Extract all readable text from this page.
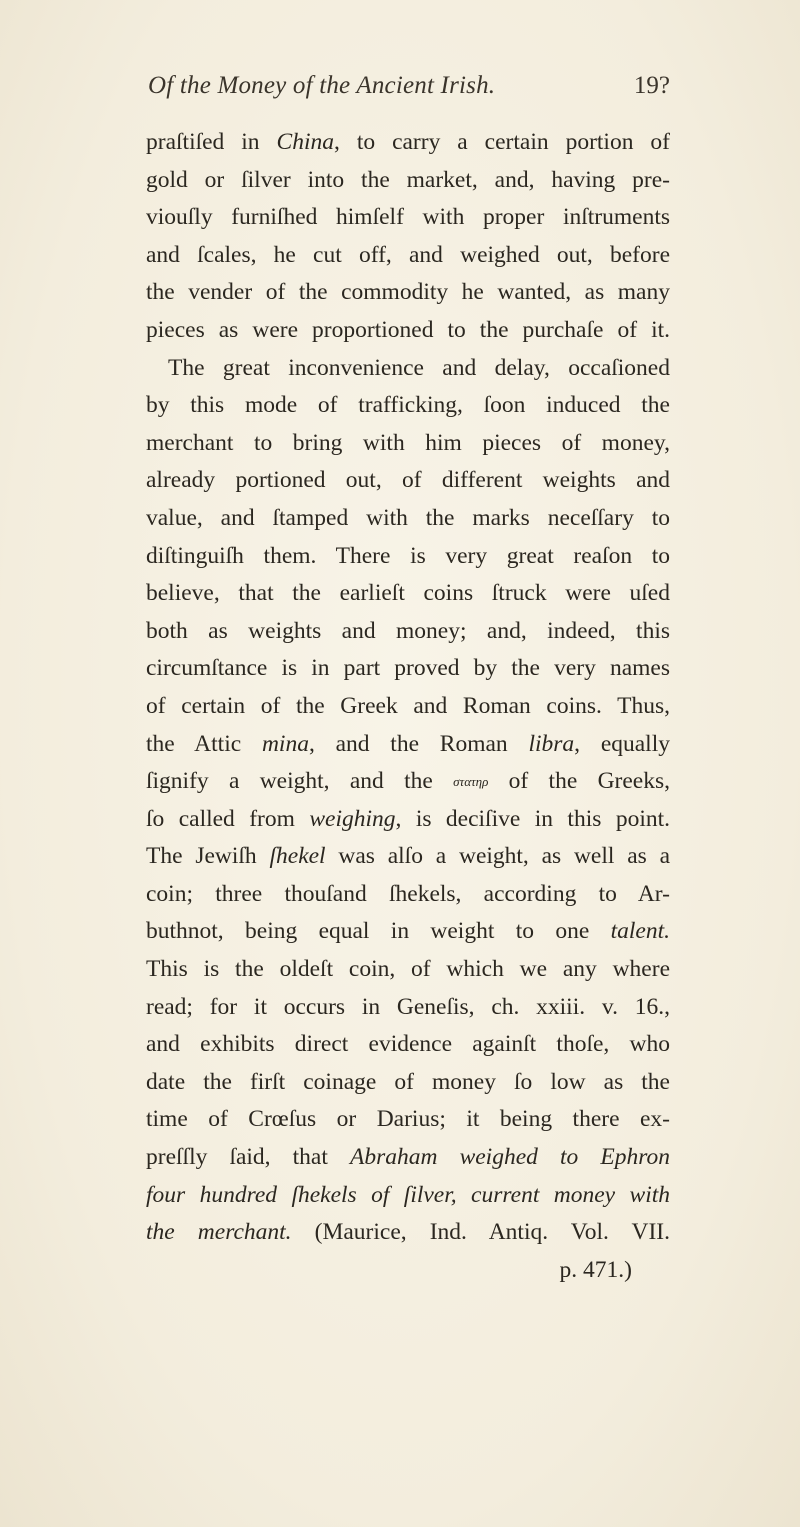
Of the Money of the Ancient Irish.	19?
praſtiſed in China, to carry a certain portion of
gold or ſilver into the market, and, having pre-
viouſly furniſhed himſelf with proper inſtruments
and ſcales, he cut off, and weighed out, before
the vender of the commodity he wanted, as many
pieces as were proportioned to the purchaſe of it.
The great inconvenience and delay, occaſioned
by this mode of trafficking, ſoon induced the
merchant to bring with him pieces of money,
already portioned out, of different weights and
value, and ſtamped with the marks neceſſary to
diſtinguiſh them. There is very great reaſon to
believe, that the earlieſt coins ſtruck were uſed
both as weights and money; and, indeed, this
circumſtance is in part proved by the very names
of certain of the Greek and Roman coins. Thus,
the Attic mina, and the Roman libra, equally
ſignify a weight, and the στατηρ of the Greeks,
ſo called from weighing, is deciſive in this point.
The Jewiſh ſhekel was alſo a weight, as well as a
coin; three thouſand ſhekels, according to Ar-
buthnot, being equal in weight to one talent.
This is the oldeſt coin, of which we any where
read; for it occurs in Geneſis, ch. xxiii. v. 16.,
and exhibits direct evidence againſt thoſe, who
date the firſt coinage of money ſo low as the
time of Crœſus or Darius; it being there ex-
preſſly ſaid, that Abraham weighed to Ephron
four hundred ſhekels of ſilver, current money with
the merchant. (Maurice, Ind. Antiq. Vol. VII.
p. 471.)
